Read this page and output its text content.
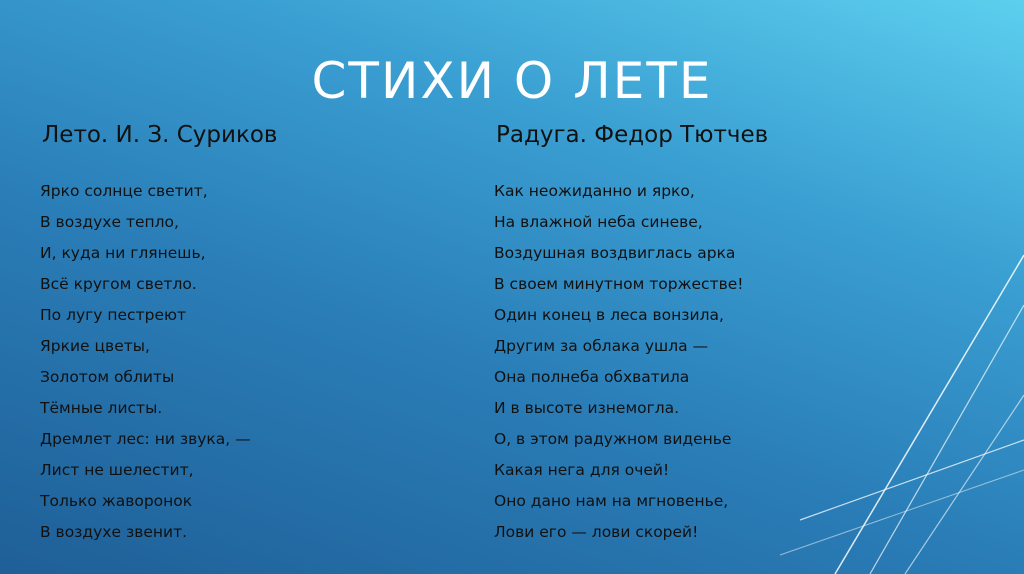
СТИХИ О ЛЕТЕ
Лето. И. З. Суриков
Ярко солнце светит,
В воздухе тепло,
И, куда ни глянешь,
Всё кругом светло.
По лугу пестреют
Яркие цветы,
Золотом облиты
Тёмные листы.
Дремлет лес: ни звука, —
Лист не шелестит,
Только жаворонок
В воздухе звенит.
Радуга. Федор Тютчев
Как неожиданно и ярко,
На влажной неба синеве,
Воздушная воздвиглась арка
В своем минутном торжестве!
Один конец в леса вонзила,
Другим за облака ушла —
Она полнеба обхватила
И в высоте изнемогла.
О, в этом радужном виденье
Какая нега для очей!
Оно дано нам на мгновенье,
Лови его — лови скорей!
